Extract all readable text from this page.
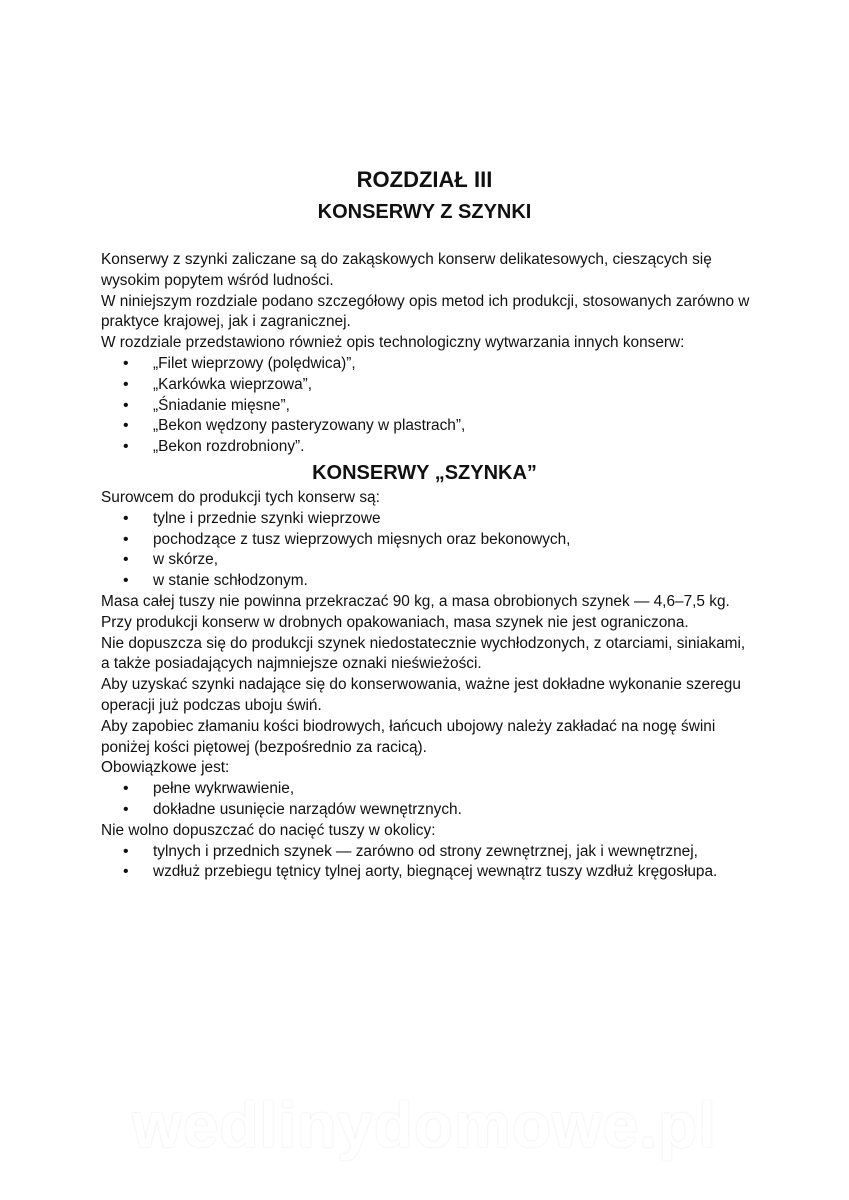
ROZDZIAŁ III
KONSERWY Z SZYNKI

Konserwy z szynki zaliczane są do zakąskowych konserw delikatesowych, cieszących się wysokim popytem wśród ludności.

W niniejszym rozdziale podano szczegółowy opis metod ich produkcji, stosowanych zarówno w praktyce krajowej, jak i zagranicznej.

W rozdziale przedstawiono również opis technologiczny wytwarzania innych konserw:

• „Filet wieprzowy (polędwica)”,
• „Karkówka wieprzowa”,
• „Śniadanie mięsne”,
• „Bekon wędzony pasteryzowany w plastrach”,
• „Bekon rozdrobniony”.
KONSERWY „SZYNKA”

Surowcem do produkcji tych konserw są:

• tylne i przednie szynki wieprzowe
• pochodzące z tusz wieprzowych mięsnych oraz bekonowych,
• w skórze,
• w stanie schłodzonym.

Masa całej tuszy nie powinna przekraczać 90 kg, a masa obrobionych szynek — 4,6–7,5 kg.

Przy produkcji konserw w drobnych opakowaniach, masa szynek nie jest ograniczona.

Nie dopuszcza się do produkcji szynek niedostatecznie wychłodzonych, z otarciami, siniakami, a także posiadających najmniejsze oznaki nieświeżości.

Aby uzyskać szynki nadające się do konserwowania, ważne jest dokładne wykonanie szeregu operacji już podczas uboju świń.

Aby zapobiec złamaniu kości biodrowych, łańcuch ubojowy należy zakładać na nogę świni poniżej kości piętowej (bezpośrednio za racicą).

Obowiązkowe jest:

• pełne wykrwawienie,
• dokładne usunięcie narządów wewnętrznych.

Nie wolno dopuszczać do nacięć tuszy w okolicy:

• tylnych i przednich szynek — zarówno od strony zewnętrznej, jak i wewnętrznej,
• wzdłuż przebiegu tętnicy tylnej aorty, biegnącej wewnątrz tuszy wzdłuż kręgosłupa.
wedlinydomowe.pl
